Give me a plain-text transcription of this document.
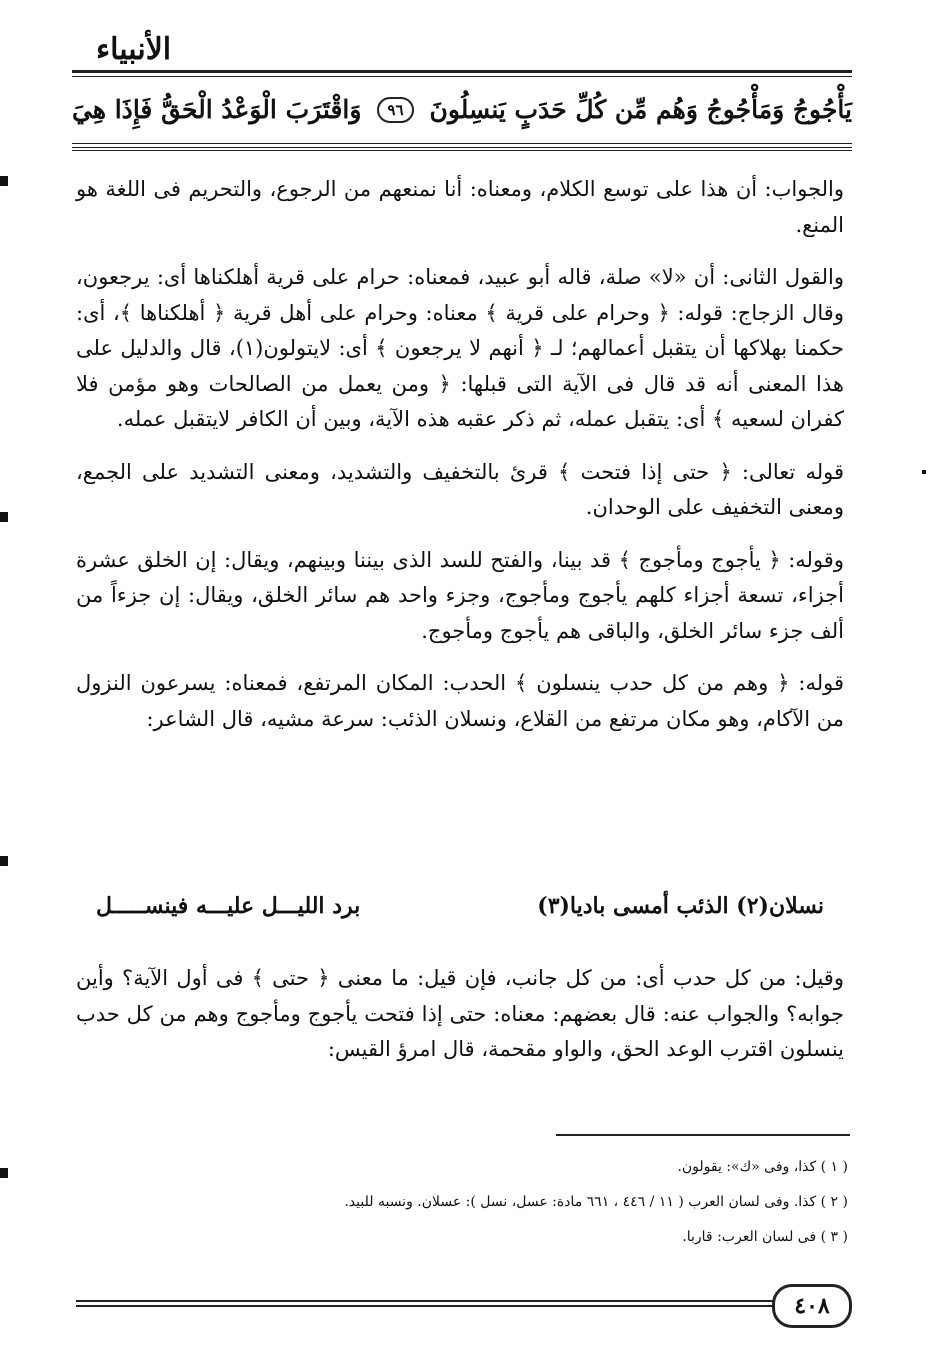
الأنبياء
يَأْجُوجُ وَمَأْجُوجُ وَهُم مِّن كُلِّ حَدَبٍ يَنسِلُونَ
٩٦
وَاقْتَرَبَ الْوَعْدُ الْحَقُّ فَإِذَا هِيَ

والجواب: أن هذا على توسع الكلام، ومعناه: أنا نمنعهم من الرجوع، والتحريم فى اللغة هو المنع.

والقول الثانى: أن «لا» صلة، قاله أبو عبيد، فمعناه: حرام على قرية أهلكناها أى: يرجعون، وقال الزجاج: قوله: ﴿ وحرام على قرية ﴾ معناه: وحرام على أهل قرية ﴿ أهلكناها ﴾، أى: حكمنا بهلاكها أن يتقبل أعمالهم؛ لـ ﴿ أنهم لا يرجعون ﴾ أى: لايتولون(١)، قال والدليل على هذا المعنى أنه قد قال فى الآية التى قبلها: ﴿ ومن يعمل من الصالحات وهو مؤمن فلا كفران لسعيه ﴾ أى: يتقبل عمله، ثم ذكر عقبه هذه الآية، وبين أن الكافر لايتقبل عمله.

قوله تعالى: ﴿ حتى إذا فتحت ﴾ قرئ بالتخفيف والتشديد، ومعنى التشديد على الجمع، ومعنى التخفيف على الوحدان.

وقوله: ﴿ يأجوج ومأجوج ﴾ قد بينا، والفتح للسد الذى بيننا وبينهم، ويقال: إن الخلق عشرة أجزاء، تسعة أجزاء كلهم يأجوج ومأجوج، وجزء واحد هم سائر الخلق، ويقال: إن جزءاً من ألف جزء سائر الخلق، والباقى هم يأجوج ومأجوج.

قوله: ﴿ وهم من كل حدب ينسلون ﴾ الحدب: المكان المرتفع، فمعناه: يسرعون النزول من الآكام، وهو مكان مرتفع من القلاع، ونسلان الذئب: سرعة مشيه، قال الشاعر:

نسلان(٢) الذئب أمسى باديا(٣)
برد الليـــل عليـــه فينســـــل

وقيل: من كل حدب أى: من كل جانب، فإن قيل: ما معنى ﴿ حتى ﴾ فى أول الآية؟ وأين جوابه؟ والجواب عنه: قال بعضهم: معناه: حتى إذا فتحت يأجوج ومأجوج وهم من كل حدب ينسلون اقترب الوعد الحق، والواو مقحمة، قال امرؤ القيس:

( ١ ) كذا، وفى «ك»: يقولون.
( ٢ ) كذا. وفى لسان العرب ( ١١ / ٤٤٦ ، ٦٦١ مادة: عسل، نسل ): عسلان. ونسبه للبيد.
( ٣ ) فى لسان العرب: قاربا.
٤٠٨
